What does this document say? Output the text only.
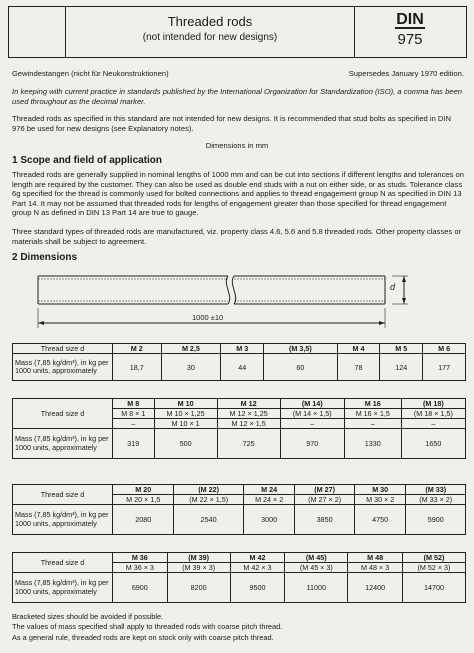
Threaded rods
(not intended for new designs)
DIN
975
Gewindestangen (nicht für Neukonstruktionen)	Supersedes January 1970 edition.
In keeping with current practice in standards published by the International Organization for Standardization (ISO), a comma has been used throughout as the decimal marker.
Threaded rods as specified in this standard are not intended for new designs. It is recommended that stud bolts as specified in DIN 976 be used for new designs (see Explanatory notes).
Dimensions in mm
1 Scope and field of application
Threaded rods are generally supplied in nominal lengths of 1000 mm and can be cut into sections if different lengths and tolerances on length are required by the customer. They can also be used as double end studs with a nut on either side, or as studs. Tolerance class 6g specified for the thread is commonly used for bolted connections and applies to thread engagement group N as specified in DIN 13 Part 14. It may not be assumed that threaded rods for lengths of engagement greater than those specified for thread engagement group N as defined in DIN 13 Part 14 are true to gauge.
Three standard types of threaded rods are manufactured, viz. property class 4.6, 5.6 and 5.8 threaded rods. Other property classes or materials shall be subject to agreement.
2 Dimensions
d
1000 ±10
Thread size d	M 2	M 2,5	M 3	(M 3,5)	M 4	M 5	M 6
Mass (7,85 kg/dm³), in kg per 1000 units, approximately	18,7	30	44	60	78	124	177
Thread size d	M 8	M 10	M 12	(M 14)	M 16	(M 18)
	M 8 × 1	M 10 × 1,25	M 12 × 1,25	(M 14 × 1,5)	M 16 × 1,5	(M 18 × 1,5)
	–	M 10 × 1	M 12 × 1,5	–	–	–
Mass (7,85 kg/dm³), in kg per 1000 units, approximately	319	500	725	970	1330	1650
Thread size d	M 20	(M 22)	M 24	(M 27)	M 30	(M 33)
	M 20 × 1,5	(M 22 × 1,5)	M 24 × 2	(M 27 × 2)	M 30 × 2	(M 33 × 2)
Mass (7,85 kg/dm³), in kg per 1000 units, approximately	2080	2540	3000	3850	4750	5900
Thread size d	M 36	(M 39)	M 42	(M 45)	M 48	(M 52)
	M 36 × 3	(M 39 × 3)	M 42 × 3	(M 45 × 3)	M 48 × 3	(M 52 × 3)
Mass (7,85 kg/dm³), in kg per 1000 units, approximately	6900	8200	9500	11000	12400	14700
Bracketed sizes should be avoided if possible.
The values of mass specified shall apply to threaded rods with coarse pitch thread.
As a general rule, threaded rods are kept on stock only with coarse pitch thread.
